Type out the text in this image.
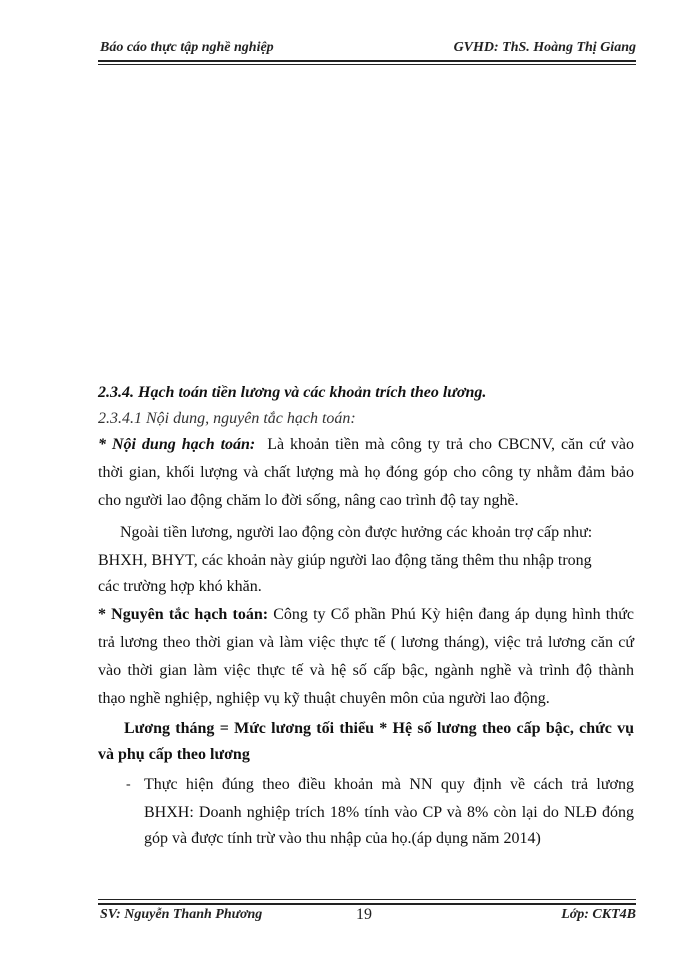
Báo cáo thực tập nghề nghiệp	GVHD: ThS. Hoàng Thị Giang
2.3.4. Hạch toán tiền lương và các khoản trích theo lương.
2.3.4.1 Nội dung, nguyên tắc hạch toán:
* Nội dung hạch toán: Là khoản tiền mà công ty trả cho CBCNV, căn cứ vào
thời gian, khối lượng và chất lượng mà họ đóng góp cho công ty nhằm đảm bảo
cho người lao động chăm lo đời sống, nâng cao trình độ tay nghề.
Ngoài tiền lương, người lao động còn được hưởng các khoản trợ cấp như:
BHXH, BHYT, các khoản này giúp người lao động tăng thêm thu nhập trong
các trường hợp khó khăn.
* Nguyên tắc hạch toán: Công ty Cổ phần Phú Kỳ hiện đang áp dụng hình thức
trả lương theo thời gian và làm việc thực tế ( lương tháng), việc trả lương căn cứ
vào thời gian làm việc thực tế và hệ số cấp bậc, ngành nghề và trình độ thành
thạo nghề nghiệp, nghiệp vụ kỹ thuật chuyên môn của người lao động.
Lương tháng = Mức lương tối thiểu * Hệ số lương theo cấp bậc, chức vụ
và phụ cấp theo lương
- Thực hiện đúng theo điều khoản mà NN quy định về cách trả lương
BHXH: Doanh nghiệp trích 18% tính vào CP và 8% còn lại do NLĐ đóng
góp và được tính trừ vào thu nhập của họ.(áp dụng năm 2014)
SV: Nguyễn Thanh Phương	19	Lớp: CKT4B
